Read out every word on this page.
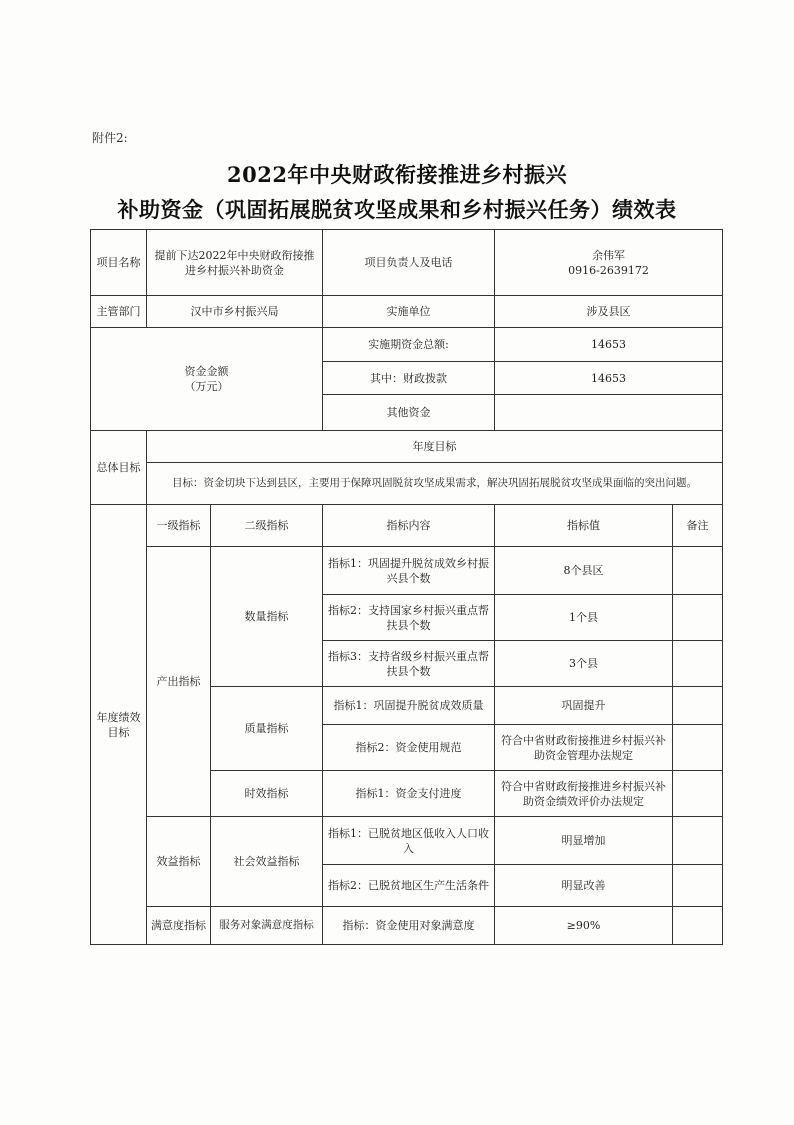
附件2:
2022年中央财政衔接推进乡村振兴
补助资金（巩固拓展脱贫攻坚成果和乡村振兴任务）绩效表
项目名称	提前下达2022年中央财政衔接推进乡村振兴补助资金		项目负责人及电话	余伟军
0916-2639172	

主管部门	汉中市乡村振兴局		实施单位	涉及县区	

资金金额
（万元）			实施期资金总额:	14653	
			其中：财政拨款	14653	
			其他资金		
总体目标	年度目标				
	目标：资金切块下达到县区，主要用于保障巩固脱贫攻坚成果需求，解决巩固拓展脱贫攻坚成果面临的突出问题。				

年度绩效目标	一级指标	二级指标	指标内容	指标值	备注
	产出指标	数量指标	指标1：巩固提升脱贫成效乡村振兴县个数	8个县区	
			指标2：支持国家乡村振兴重点帮扶县个数	1个县	
			指标3：支持省级乡村振兴重点帮扶县个数	3个县	
		质量指标	指标1：巩固提升脱贫成效质量	巩固提升	
			指标2：资金使用规范	符合中省财政衔接推进乡村振兴补助资金管理办法规定	
		时效指标	指标1：资金支付进度	符合中省财政衔接推进乡村振兴补助资金绩效评价办法规定	
	效益指标	社会效益指标	指标1：已脱贫地区低收入人口收入	明显增加	
			指标2：已脱贫地区生产生活条件	明显改善	
	满意度指标	服务对象满意度指标	指标：资金使用对象满意度	≥90%	
